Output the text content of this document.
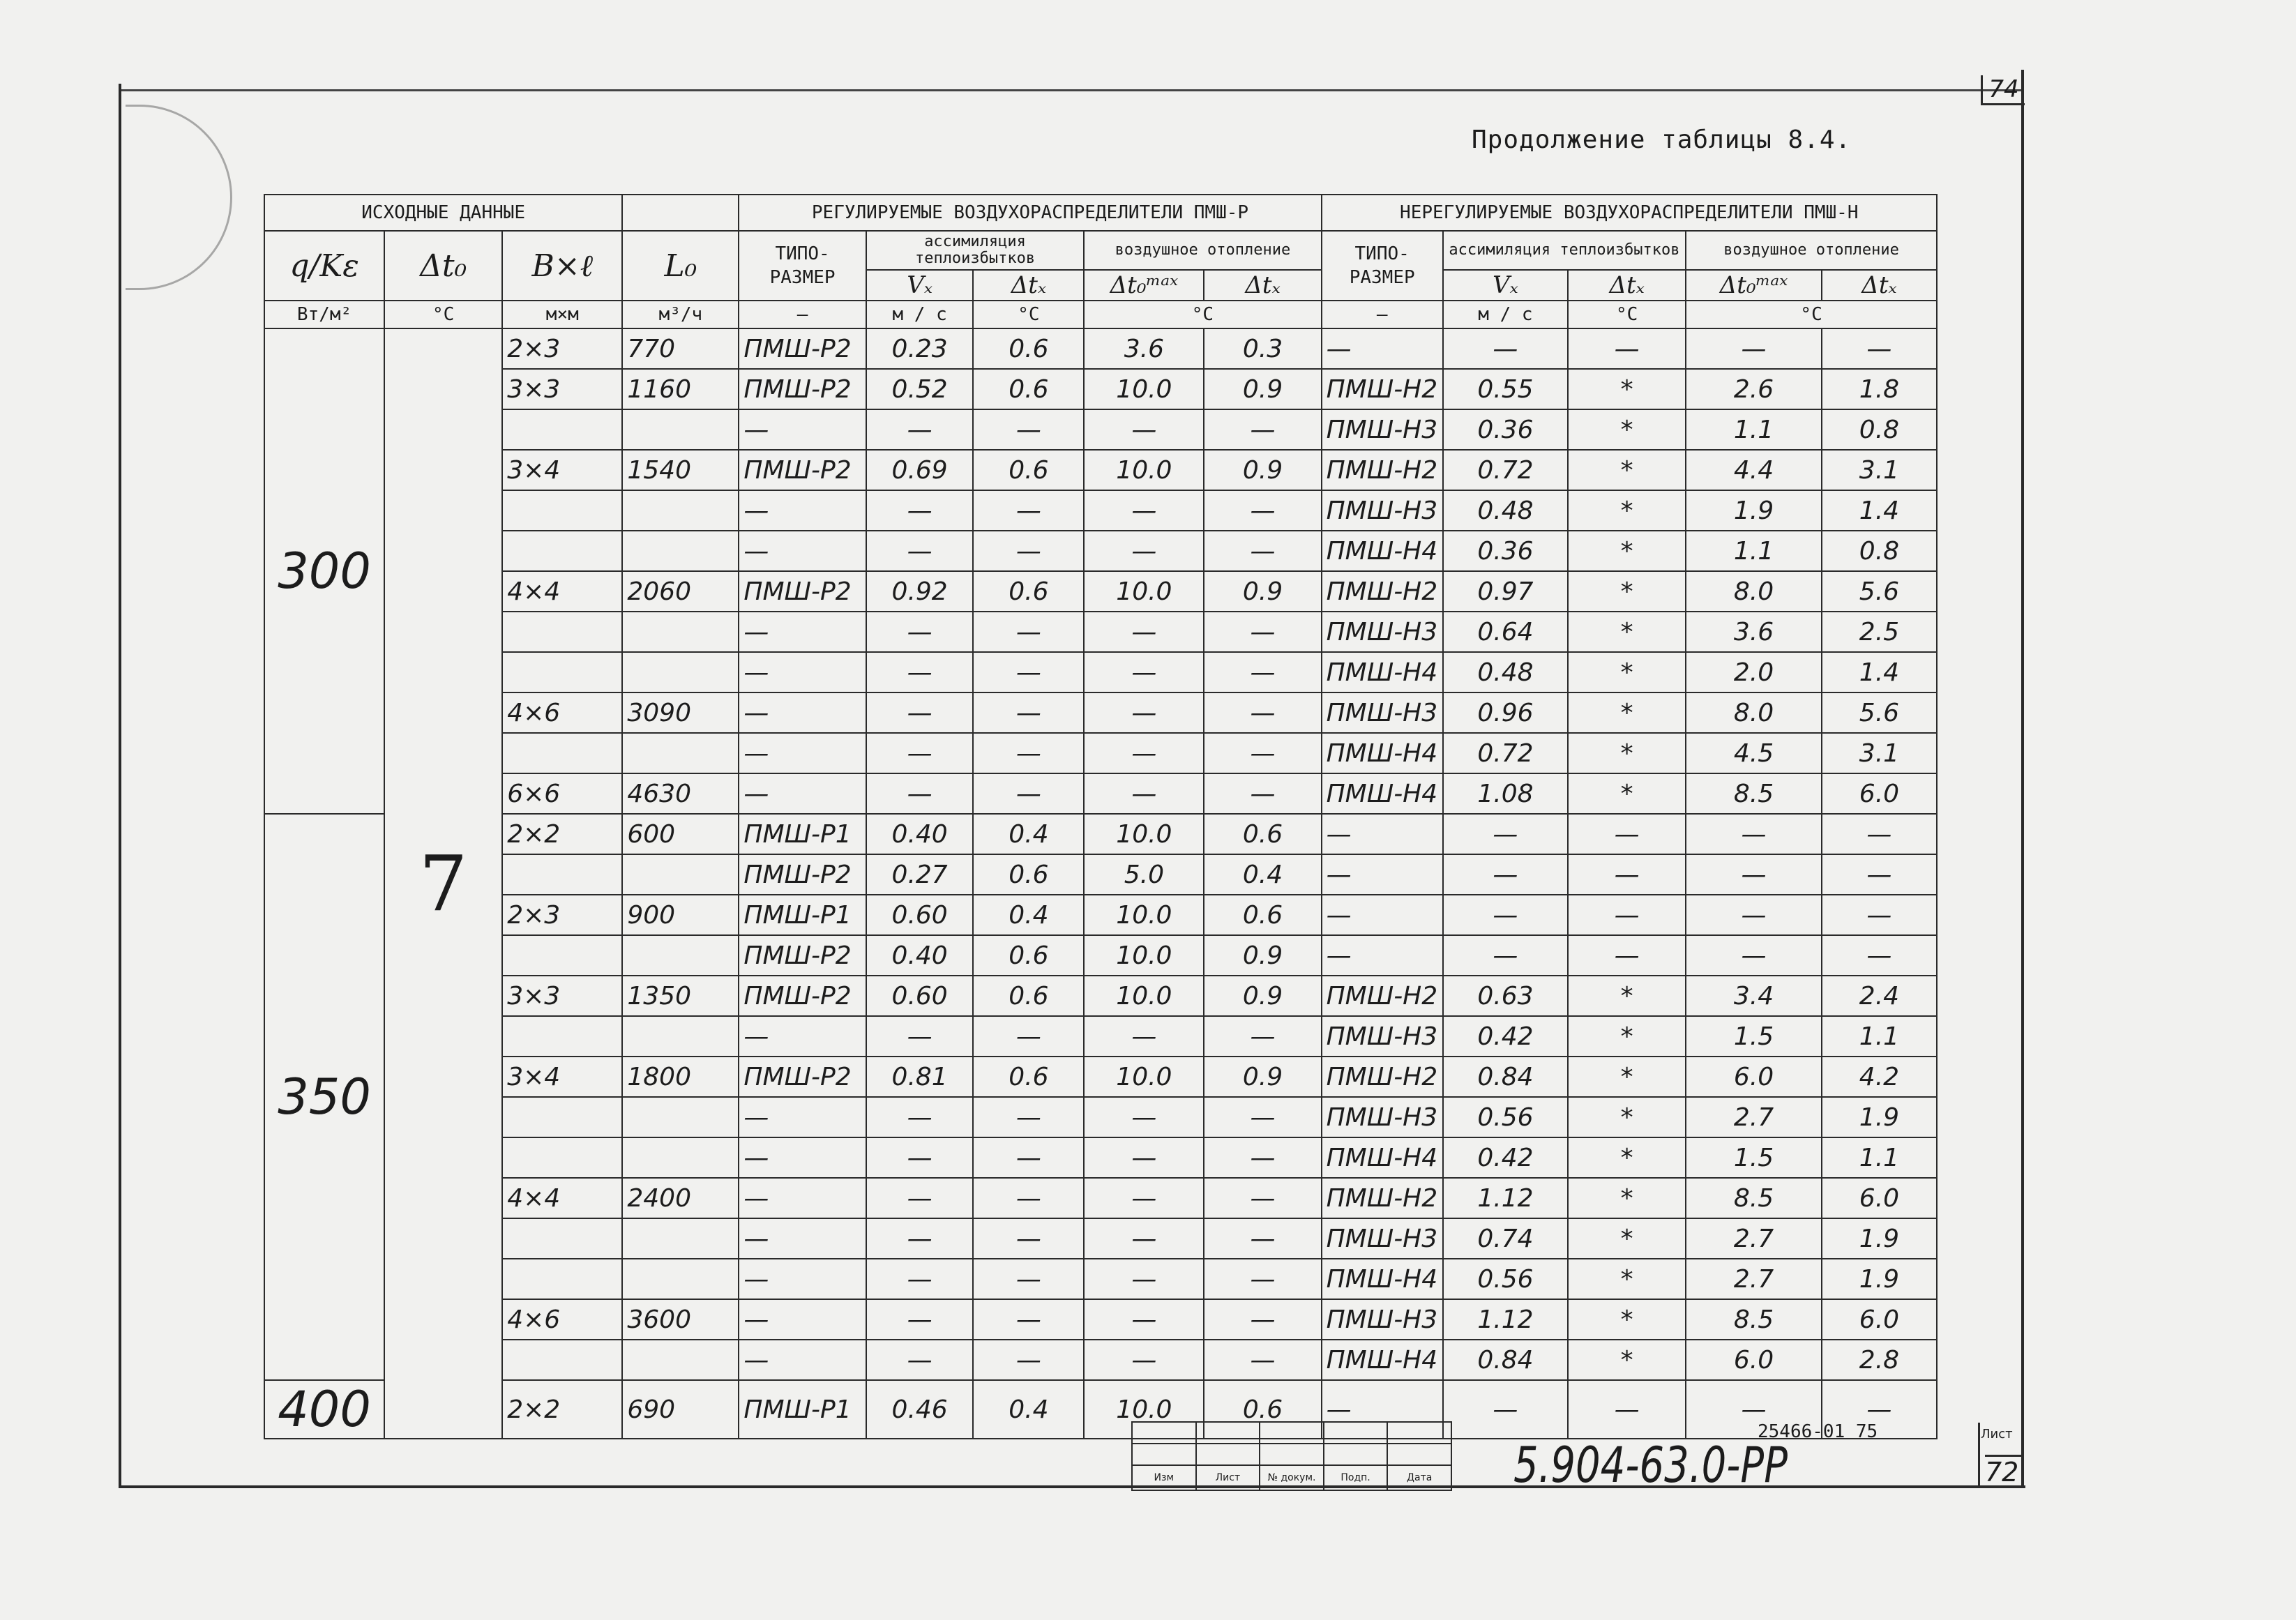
74
Продолжение таблицы 8.4.
ИСХОДНЫЕ ДАННЫЕ				РЕГУЛИРУЕМЫЕ ВОЗДУХОРАСПРЕДЕЛИТЕЛИ ПМШ-Р					НЕРЕГУЛИРУЕМЫЕ ВОЗДУХОРАСПРЕДЕЛИТЕЛИ ПМШ-Н				
q/Kε	Δt₀	B×ℓ	L₀	ТИПО-РАЗМЕР	ассимиляция теплоизбытков		воздушное отопление		ТИПО-РАЗМЕР	ассимиляция теплоизбытков		воздушное отопление	
					Vₓ	Δtₓ	Δt₀ᵐᵃˣ	Δtₓ		Vₓ	Δtₓ	Δt₀ᵐᵃˣ	Δtₓ
Вт/м²	°С	м×м	м³/ч	–	м / с	°С	°С		–	м / с	°С	°С	
300	7	2×3	770	ПМШ-Р2	0.23	0.6	3.6	0.3	—	—	—	—	—
		3×3	1160	ПМШ-Р2	0.52	0.6	10.0	0.9	ПМШ-Н2	0.55	*	2.6	1.8
				—	—	—	—	—	ПМШ-Н3	0.36	*	1.1	0.8
		3×4	1540	ПМШ-Р2	0.69	0.6	10.0	0.9	ПМШ-Н2	0.72	*	4.4	3.1
				—	—	—	—	—	ПМШ-Н3	0.48	*	1.9	1.4
				—	—	—	—	—	ПМШ-Н4	0.36	*	1.1	0.8
		4×4	2060	ПМШ-Р2	0.92	0.6	10.0	0.9	ПМШ-Н2	0.97	*	8.0	5.6
				—	—	—	—	—	ПМШ-Н3	0.64	*	3.6	2.5
				—	—	—	—	—	ПМШ-Н4	0.48	*	2.0	1.4
		4×6	3090	—	—	—	—	—	ПМШ-Н3	0.96	*	8.0	5.6
				—	—	—	—	—	ПМШ-Н4	0.72	*	4.5	3.1
		6×6	4630	—	—	—	—	—	ПМШ-Н4	1.08	*	8.5	6.0
350		2×2	600	ПМШ-Р1	0.40	0.4	10.0	0.6	—	—	—	—	—
				ПМШ-Р2	0.27	0.6	5.0	0.4	—	—	—	—	—
		2×3	900	ПМШ-Р1	0.60	0.4	10.0	0.6	—	—	—	—	—
				ПМШ-Р2	0.40	0.6	10.0	0.9	—	—	—	—	—
		3×3	1350	ПМШ-Р2	0.60	0.6	10.0	0.9	ПМШ-Н2	0.63	*	3.4	2.4
				—	—	—	—	—	ПМШ-Н3	0.42	*	1.5	1.1
		3×4	1800	ПМШ-Р2	0.81	0.6	10.0	0.9	ПМШ-Н2	0.84	*	6.0	4.2
				—	—	—	—	—	ПМШ-Н3	0.56	*	2.7	1.9
				—	—	—	—	—	ПМШ-Н4	0.42	*	1.5	1.1
		4×4	2400	—	—	—	—	—	ПМШ-Н2	1.12	*	8.5	6.0
				—	—	—	—	—	ПМШ-Н3	0.74	*	2.7	1.9
				—	—	—	—	—	ПМШ-Н4	0.56	*	2.7	1.9
		4×6	3600	—	—	—	—	—	ПМШ-Н3	1.12	*	8.5	6.0
				—	—	—	—	—	ПМШ-Н4	0.84	*	6.0	2.8
400		2×2	690	ПМШ-Р1	0.46	0.4	10.0	0.6	—	—	—	—	—

Изм	Лист	№ докум.	Подп.	Дата 5.904-63.0-PP
25466-01 75	Лист
72
